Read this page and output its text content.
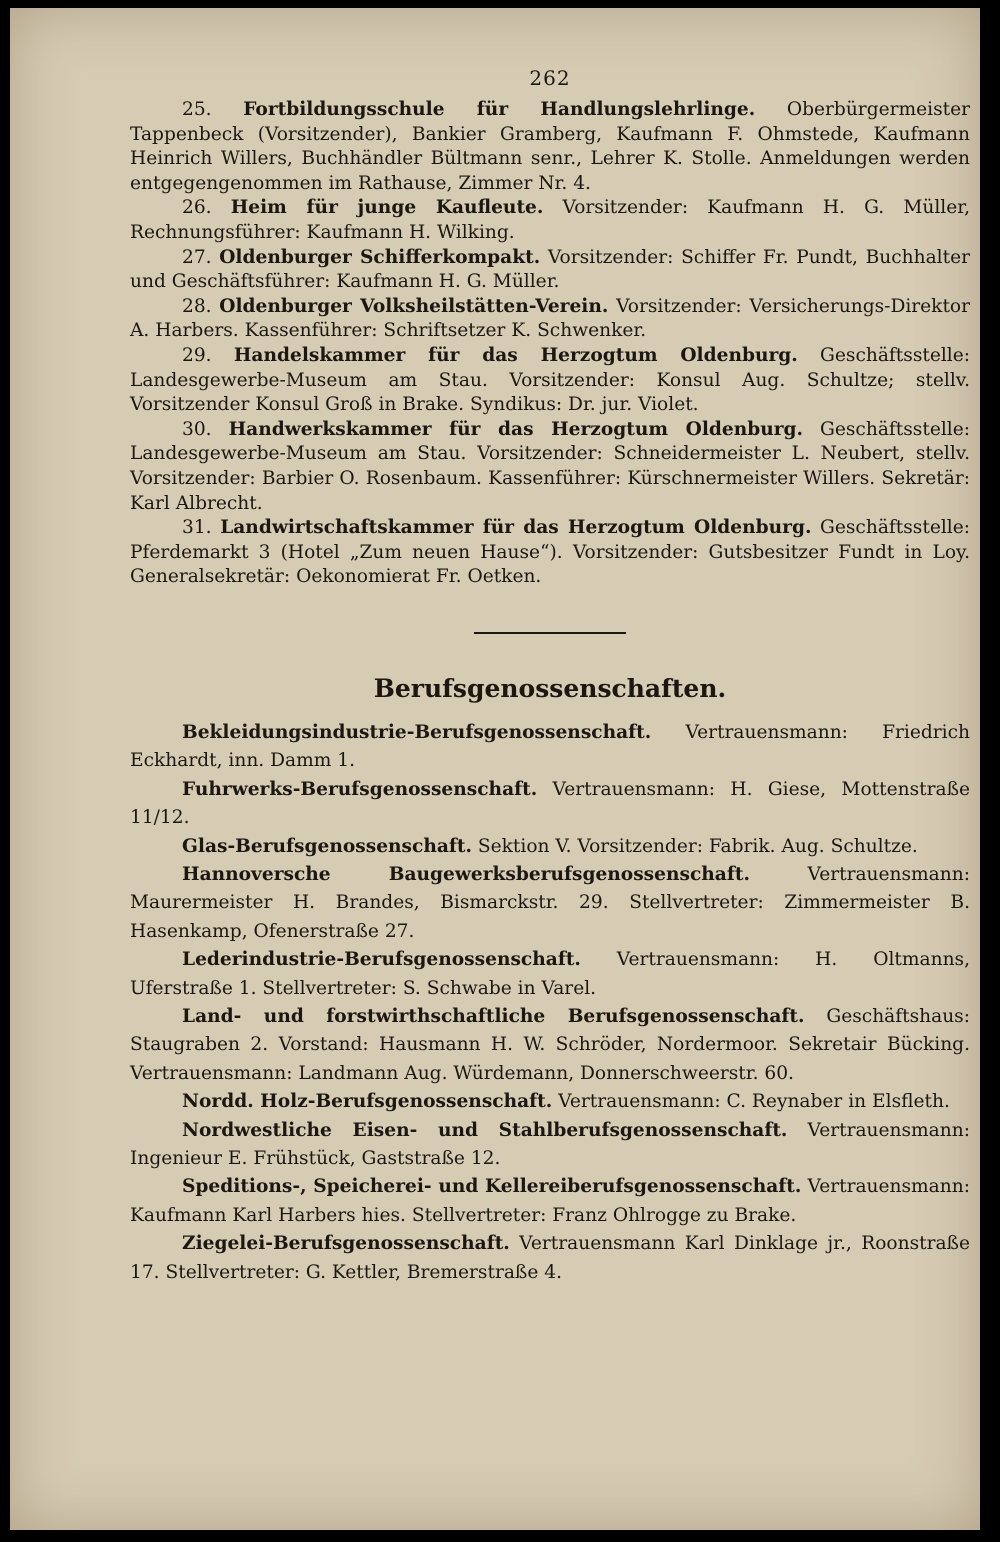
262

25. Fortbildungsschule für Handlungslehrlinge. Oberbürgermeister Tappenbeck (Vorsitzender), Bankier Gramberg, Kaufmann F. Ohmstede, Kaufmann Heinrich Willers, Buchhändler Bültmann senr., Lehrer K. Stolle. Anmeldungen werden entgegengenommen im Rathause, Zimmer Nr. 4.

26. Heim für junge Kaufleute. Vorsitzender: Kaufmann H. G. Müller, Rechnungsführer: Kaufmann H. Wilking.

27. Oldenburger Schifferkompakt. Vorsitzender: Schiffer Fr. Pundt, Buchhalter und Geschäftsführer: Kaufmann H. G. Müller.

28. Oldenburger Volksheilstätten-Verein. Vorsitzender: Versicherungs-Direktor A. Harbers. Kassenführer: Schriftsetzer K. Schwenker.

29. Handelskammer für das Herzogtum Oldenburg. Geschäftsstelle: Landesgewerbe-Museum am Stau. Vorsitzender: Konsul Aug. Schultze; stellv. Vorsitzender Konsul Groß in Brake. Syndikus: Dr. jur. Violet.

30. Handwerkskammer für das Herzogtum Oldenburg. Geschäftsstelle: Landesgewerbe-Museum am Stau. Vorsitzender: Schneidermeister L. Neubert, stellv. Vorsitzender: Barbier O. Rosenbaum. Kassenführer: Kürschnermeister Willers. Sekretär: Karl Albrecht.

31. Landwirtschaftskammer für das Herzogtum Oldenburg. Geschäftsstelle: Pferdemarkt 3 (Hotel „Zum neuen Hause“). Vorsitzender: Gutsbesitzer Fundt in Loy. Generalsekretär: Oekonomierat Fr. Oetken.

Berufsgenossenschaften.

Bekleidungsindustrie-Berufsgenossenschaft. Vertrauensmann: Friedrich Eckhardt, inn. Damm 1.

Fuhrwerks-Berufsgenossenschaft. Vertrauensmann: H. Giese, Mottenstraße 11/12.

Glas-Berufsgenossenschaft. Sektion V. Vorsitzender: Fabrik. Aug. Schultze.

Hannoversche Baugewerksberufsgenossenschaft.	Vertrauensmann: Maurermeister H. Brandes, Bismarckstr. 29. Stellvertreter: Zimmermeister B. Hasenkamp, Ofenerstraße 27.

Lederindustrie-Berufsgenossenschaft. Vertrauensmann: H. Oltmanns, Uferstraße 1. Stellvertreter: S. Schwabe in Varel.

Land- und forstwirthschaftliche Berufsgenossenschaft. Geschäftshaus: Staugraben 2. Vorstand: Hausmann H. W. Schröder, Nordermoor. Sekretair Bücking. Vertrauensmann: Landmann Aug. Würdemann, Donnerschweerstr. 60.

Nordd. Holz-Berufsgenossenschaft. Vertrauensmann: C. Reynaber in Elsfleth.

Nordwestliche Eisen- und Stahlberufsgenossenschaft. Vertrauensmann: Ingenieur E. Frühstück, Gaststraße 12.

Speditions-, Speicherei- und Kellereiberufsgenossenschaft. Vertrauensmann: Kaufmann Karl Harbers hies. Stellvertreter: Franz Ohlrogge zu Brake.

Ziegelei-Berufsgenossenschaft. Vertrauensmann Karl Dinklage jr., Roonstraße 17. Stellvertreter: G. Kettler, Bremerstraße 4.
